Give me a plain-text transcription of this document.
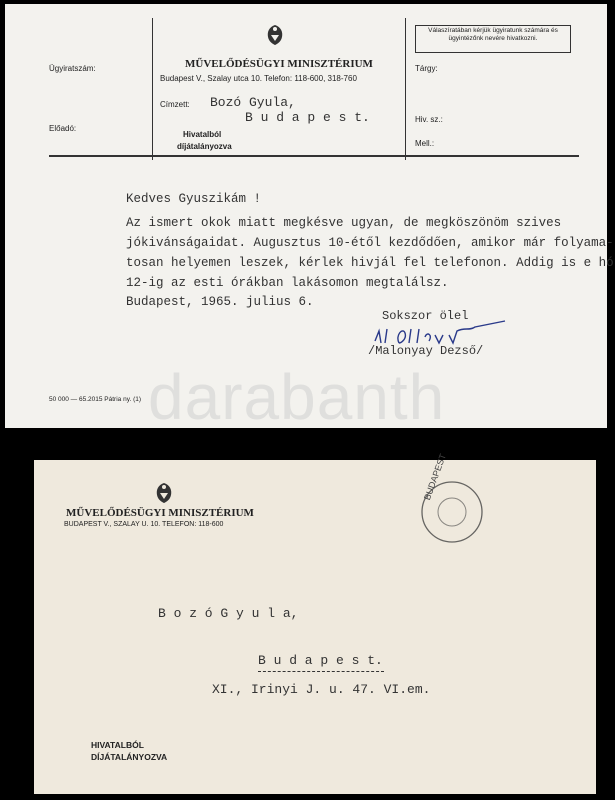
Ügyiratszám:
Előadó:
MŰVELŐDÉSÜGYI MINISZTÉRIUM
Budapest V., Szalay utca 10. Telefon: 118-600, 318-760
Címzett: Bozó Gyula,
B u d a p e s t.
Hivatalból
díjátalányozva
Válaszíratában kérjük ügyiratunk számára és ügyintézőnk nevére hivatkozni.
Tárgy:
Hiv. sz.:
Mell.:
Kedves Gyuszikám !
Az ismert okok miatt megkésve ugyan, de megköszönöm szives
jókivánságaidat. Augusztus 10-étől kezdődően, amikor már folyama-
tosan helyemen leszek, kérlek hivjál fel telefonon. Addig is e hó
12-ig az esti órákban lakásomon megtalálsz.
Budapest, 1965. julius 6.
Sokszor ölel
/Malonyay Dezső/
50 000 — 65.2015 Pátria ny. (1)
MŰVELŐDÉSÜGYI MINISZTÉRIUM
BUDAPEST V., SZALAY U. 10. TELEFON: 118-600
BUDAPEST
B o z ó G y u l a,
B u d a p e s t.
XI., Irinyi J. u. 47. VI.em.
HIVATALBÓL
DÍJÁTALÁNYOZVA
darabanth
